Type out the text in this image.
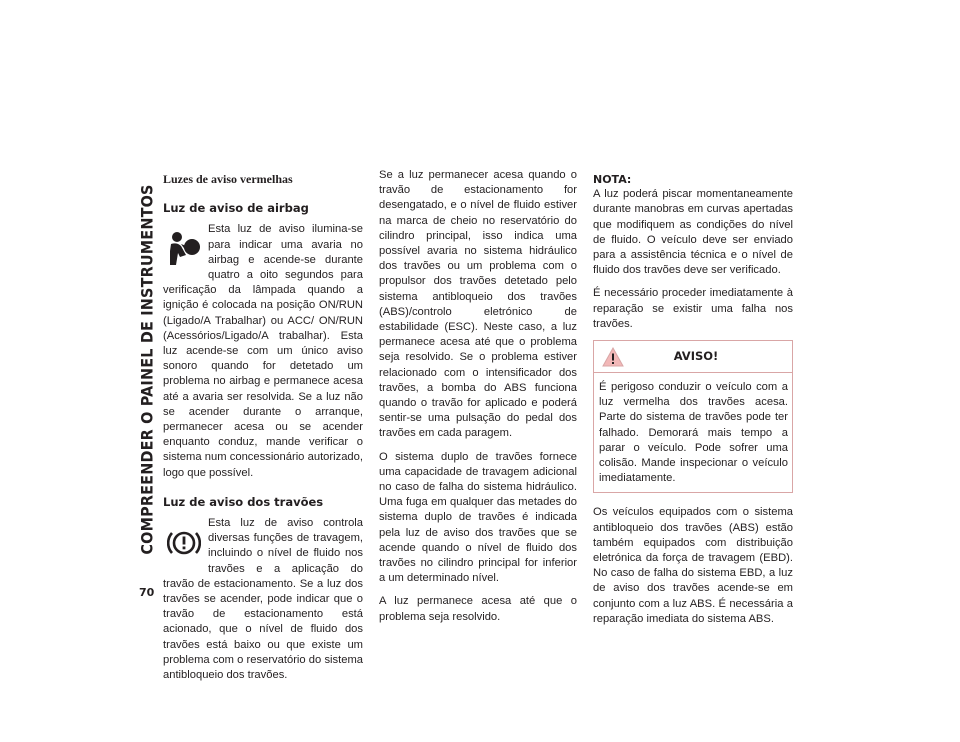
COMPREENDER O PAINEL DE INSTRUMENTOS
70
Luzes de aviso vermelhas
Luz de aviso de airbag
Esta luz de aviso ilumina-se para indicar uma avaria no airbag e acende-se durante quatro a oito segundos para verificação da lâmpada quando a ignição é colocada na posição ON/RUN (Ligado/A Trabalhar) ou ACC/ ON/RUN (Acessórios/Ligado/A trabalhar). Esta luz acende-se com um único aviso sonoro quando for detetado um problema no airbag e permanece acesa até a avaria ser resolvida. Se a luz não se acender durante o arranque, permanecer acesa ou se acender enquanto conduz, mande verificar o sistema num concessionário autorizado, logo que possível.
Luz de aviso dos travões
Esta luz de aviso controla diversas funções de travagem, incluindo o nível de fluido nos travões e a aplicação do travão de estacionamento. Se a luz dos travões se acender, pode indicar que o travão de estacionamento está acionado, que o nível de fluido dos travões está baixo ou que existe um problema com o reservatório do sistema antibloqueio dos travões.

Se a luz permanecer acesa quando o travão de estacionamento for desengatado, e o nível de fluido estiver na marca de cheio no reservatório do cilindro principal, isso indica uma possível avaria no sistema hidráulico dos travões ou um problema com o propulsor dos travões detetado pelo sistema antibloqueio dos travões (ABS)/controlo eletrónico de estabilidade (ESC). Neste caso, a luz permanece acesa até que o problema seja resolvido. Se o problema estiver relacionado com o intensificador dos travões, a bomba do ABS funciona quando o travão for aplicado e poderá sentir-se uma pulsação do pedal dos travões em cada paragem.

O sistema duplo de travões fornece uma capacidade de travagem adicional no caso de falha do sistema hidráulico. Uma fuga em qualquer das metades do sistema duplo de travões é indicada pela luz de aviso dos travões que se acende quando o nível de fluido dos travões no cilindro principal for inferior a um determinado nível.

A luz permanece acesa até que o problema seja resolvido.

NOTA:

A luz poderá piscar momentaneamente durante manobras em curvas apertadas que modifiquem as condições do nível de fluido. O veículo deve ser enviado para a assistência técnica e o nível de fluido dos travões deve ser verificado.

É necessário proceder imediatamente à reparação se existir uma falha nos travões.

AVISO!
É perigoso conduzir o veículo com a luz vermelha dos travões acesa. Parte do sistema de travões pode ter falhado. Demorará mais tempo a parar o veículo. Pode sofrer uma colisão. Mande inspecionar o veículo imediatamente.

Os veículos equipados com o sistema antibloqueio dos travões (ABS) estão também equipados com distribuição eletrónica da força de travagem (EBD). No caso de falha do sistema EBD, a luz de aviso dos travões acende-se em conjunto com a luz ABS. É necessária a reparação imediata do sistema ABS.
